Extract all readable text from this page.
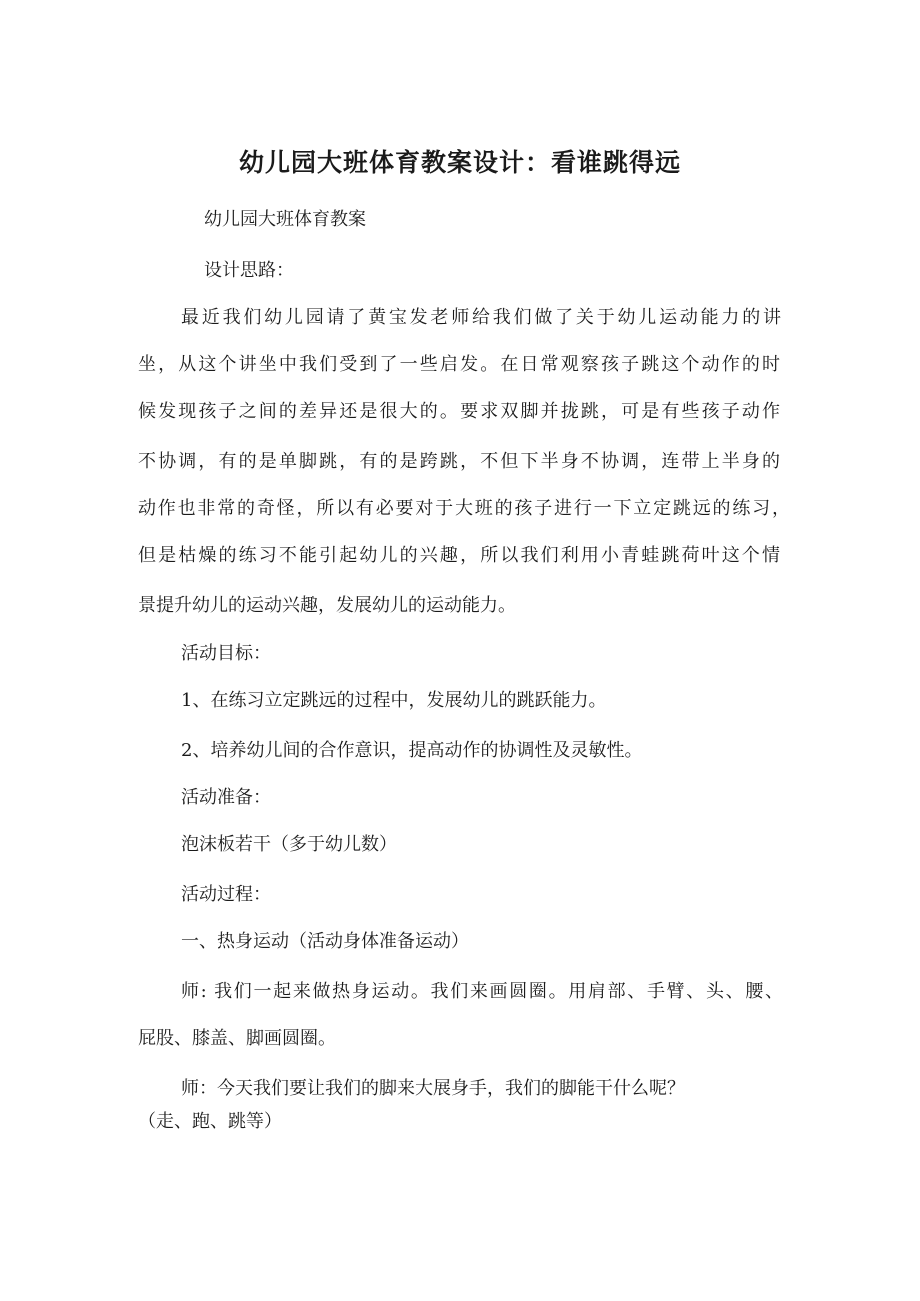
幼儿园大班体育教案设计：看谁跳得远
幼儿园大班体育教案
设计思路：
最近我们幼儿园请了黄宝发老师给我们做了关于幼儿运动能力的讲
坐，从这个讲坐中我们受到了一些启发。在日常观察孩子跳这个动作的时
候发现孩子之间的差异还是很大的。要求双脚并拢跳，可是有些孩子动作
不协调，有的是单脚跳，有的是跨跳，不但下半身不协调，连带上半身的
动作也非常的奇怪，所以有必要对于大班的孩子进行一下立定跳远的练习，
但是枯燥的练习不能引起幼儿的兴趣，所以我们利用小青蛙跳荷叶这个情
景提升幼儿的运动兴趣，发展幼儿的运动能力。
活动目标：
1、在练习立定跳远的过程中，发展幼儿的跳跃能力。
2、培养幼儿间的合作意识，提高动作的协调性及灵敏性。
活动准备：
泡沫板若干（多于幼儿数）
活动过程：
一、热身运动（活动身体准备运动）
师: 我们一起来做热身运动。我们来画圆圈。用肩部、手臂、头、腰、
屁股、膝盖、脚画圆圈。
师：今天我们要让我们的脚来大展身手，我们的脚能干什么呢？
（走、跑、跳等）
